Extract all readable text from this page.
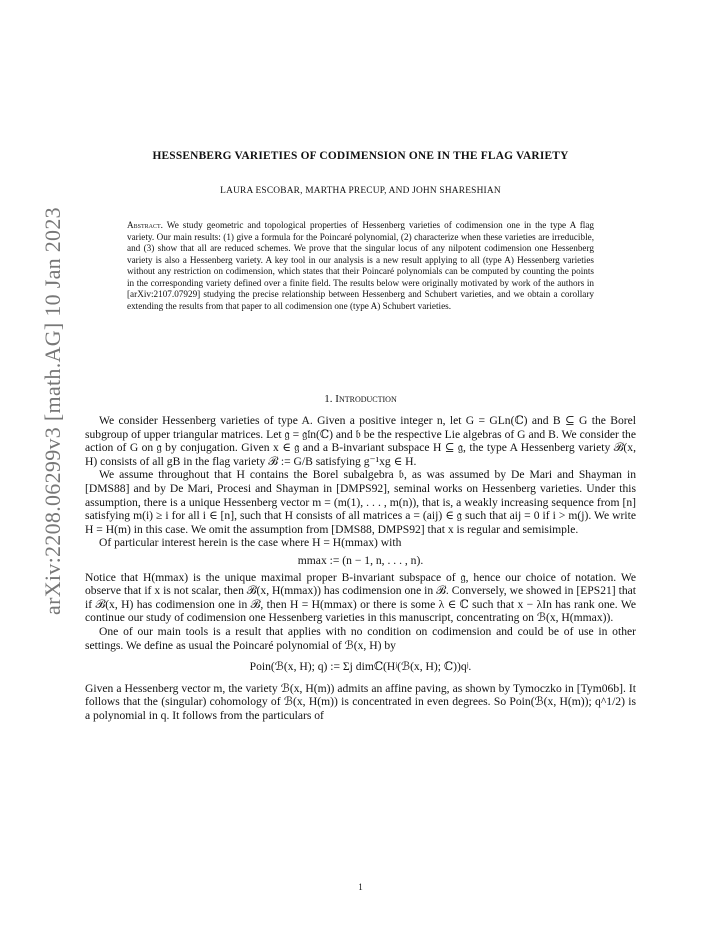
arXiv:2208.06299v3 [math.AG] 10 Jan 2023
HESSENBERG VARIETIES OF CODIMENSION ONE IN THE FLAG VARIETY
LAURA ESCOBAR, MARTHA PRECUP, AND JOHN SHARESHIAN
Abstract. We study geometric and topological properties of Hessenberg varieties of codimension one in the type A flag variety. Our main results: (1) give a formula for the Poincaré polynomial, (2) characterize when these varieties are irreducible, and (3) show that all are reduced schemes. We prove that the singular locus of any nilpotent codimension one Hessenberg variety is also a Hessenberg variety. A key tool in our analysis is a new result applying to all (type A) Hessenberg varieties without any restriction on codimension, which states that their Poincaré polynomials can be computed by counting the points in the corresponding variety defined over a finite field. The results below were originally motivated by work of the authors in [arXiv:2107.07929] studying the precise relationship between Hessenberg and Schubert varieties, and we obtain a corollary extending the results from that paper to all codimension one (type A) Schubert varieties.
1. Introduction

We consider Hessenberg varieties of type A. Given a positive integer n, let G = GLn(ℂ) and B ⊆ G the Borel subgroup of upper triangular matrices. Let 𝔤 = 𝔤𝔩n(ℂ) and 𝔟 be the respective Lie algebras of G and B. We consider the action of G on 𝔤 by conjugation. Given x ∈ 𝔤 and a B-invariant subspace H ⊆ 𝔤, the type A Hessenberg variety ℬ(x, H) consists of all gB in the flag variety ℬ := G/B satisfying g⁻¹xg ∈ H.

We assume throughout that H contains the Borel subalgebra 𝔟, as was assumed by De Mari and Shayman in [DMS88] and by De Mari, Procesi and Shayman in [DMPS92], seminal works on Hessenberg varieties. Under this assumption, there is a unique Hessenberg vector m = (m(1), . . . , m(n)), that is, a weakly increasing sequence from [n] satisfying m(i) ≥ i for all i ∈ [n], such that H consists of all matrices a = (aij) ∈ 𝔤 such that aij = 0 if i > m(j). We write H = H(m) in this case. We omit the assumption from [DMS88, DMPS92] that x is regular and semisimple.

Of particular interest herein is the case where H = H(mmax) with

mmax := (n − 1, n, . . . , n).

Notice that H(mmax) is the unique maximal proper B-invariant subspace of 𝔤, hence our choice of notation. We observe that if x is not scalar, then ℬ(x, H(mmax)) has codimension one in ℬ. Conversely, we showed in [EPS21] that if ℬ(x, H) has codimension one in ℬ, then H = H(mmax) or there is some λ ∈ ℂ such that x − λIn has rank one. We continue our study of codimension one Hessenberg varieties in this manuscript, concentrating on ℬ(x, H(mmax)).

One of our main tools is a result that applies with no condition on codimension and could be of use in other settings. We define as usual the Poincaré polynomial of ℬ(x, H) by

Poin(ℬ(x, H); q) := Σj dimℂ(Hʲ(ℬ(x, H); ℂ))qʲ.

Given a Hessenberg vector m, the variety ℬ(x, H(m)) admits an affine paving, as shown by Tymoczko in [Tym06b]. It follows that the (singular) cohomology of ℬ(x, H(m)) is concentrated in even degrees. So Poin(ℬ(x, H(m)); q^1/2) is a polynomial in q. It follows from the particulars of

1
